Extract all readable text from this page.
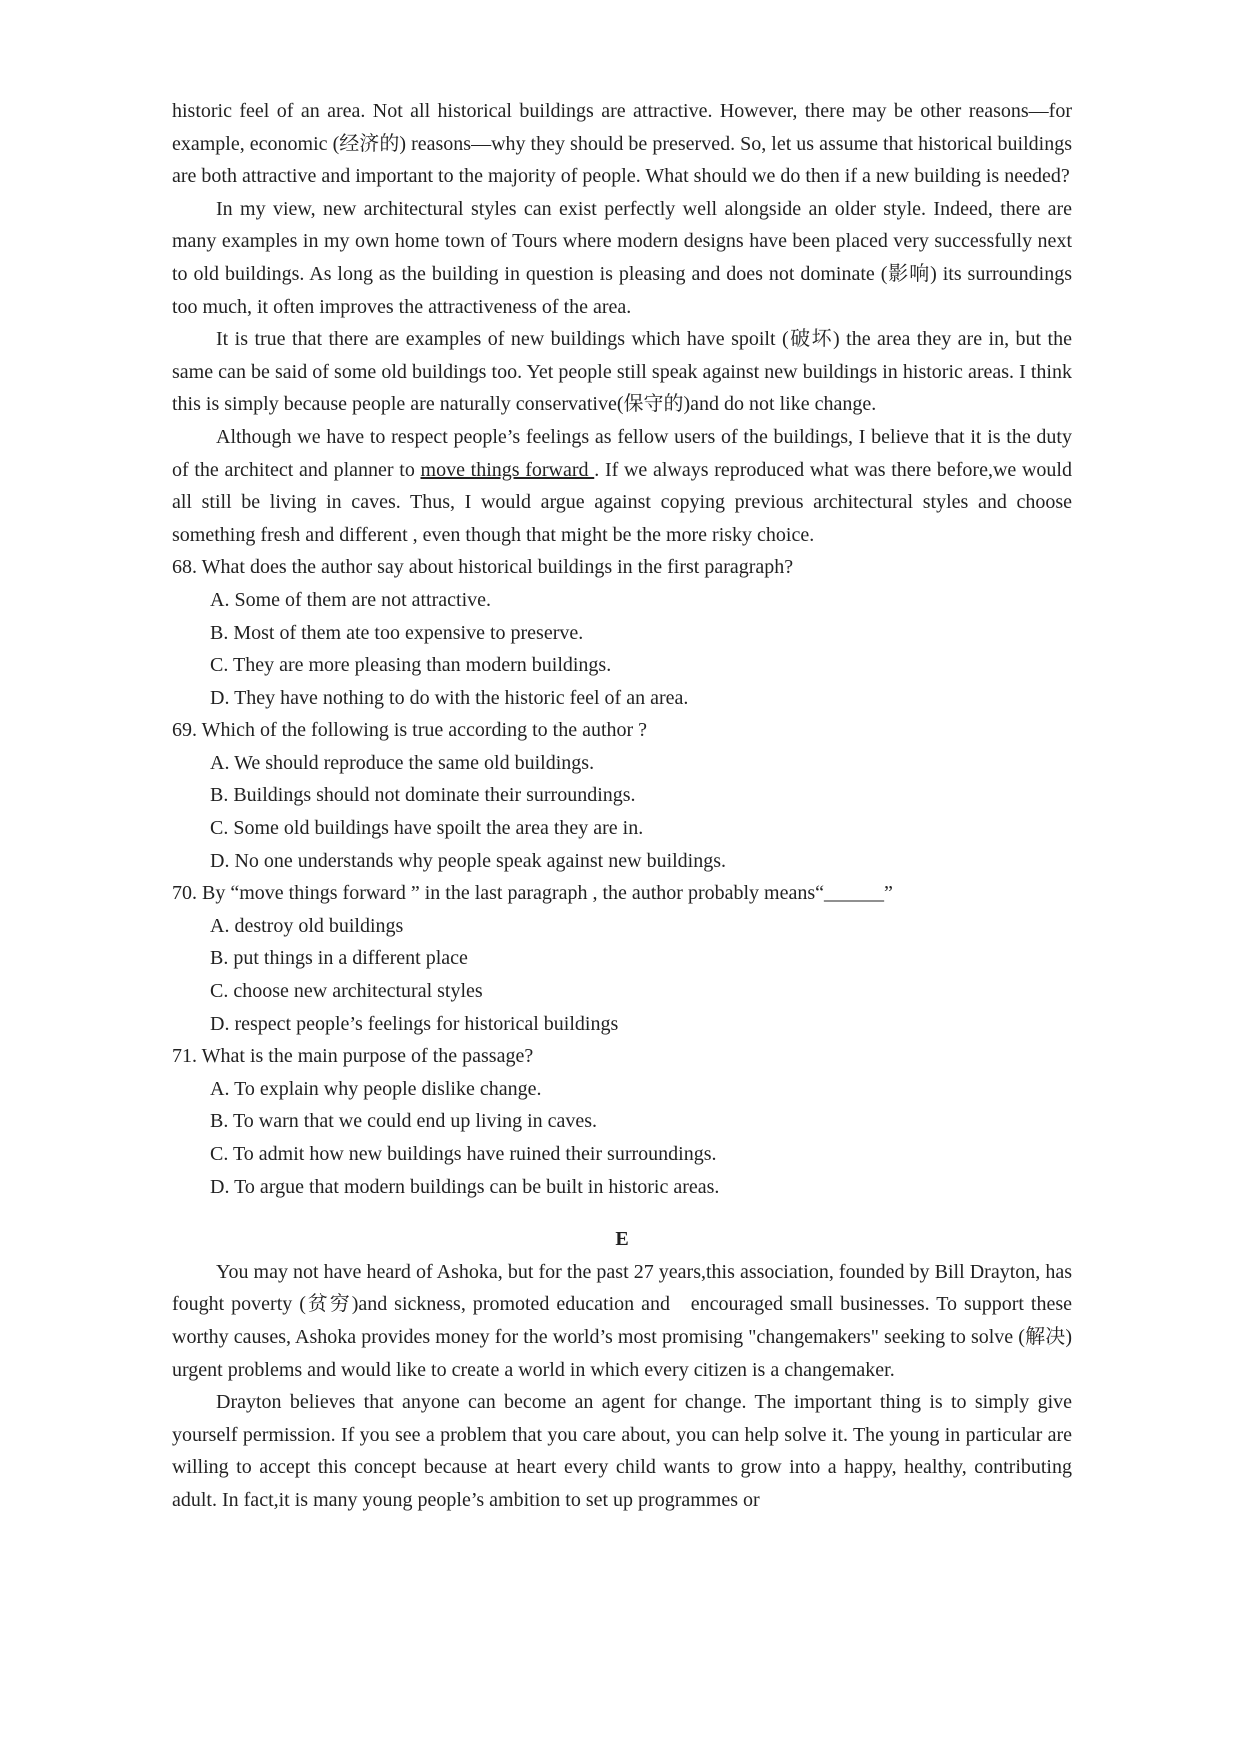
historic feel of an area. Not all historical buildings are attractive. However, there may be other reasons—for example, economic (经济的) reasons—why they should be preserved. So, let us assume that historical buildings are both attractive and important to the majority of people. What should we do then if a new building is needed?

In my view, new architectural styles can exist perfectly well alongside an older style. Indeed, there are many examples in my own home town of Tours where modern designs have been placed very successfully next to old buildings. As long as the building in question is pleasing and does not dominate (影响) its surroundings too much, it often improves the attractiveness of the area.

It is true that there are examples of new buildings which have spoilt (破坏) the area they are in, but the same can be said of some old buildings too. Yet people still speak against new buildings in historic areas. I think this is simply because people are naturally conservative(保守的)and do not like change.

Although we have to respect people’s feelings as fellow users of the buildings, I believe that it is the duty of the architect and planner to move things forward . If we always reproduced what was there before,we would all still be living in caves. Thus, I would argue against copying previous architectural styles and choose something fresh and different , even though that might be the more risky choice.

68. What does the author say about historical buildings in the first paragraph?

A. Some of them are not attractive.

B. Most of them ate too expensive to preserve.

C. They are more pleasing than modern buildings.

D. They have nothing to do with the historic feel of an area.

69. Which of the following is true according to the author ?

A. We should reproduce the same old buildings.

B. Buildings should not dominate their surroundings.

C. Some old buildings have spoilt the area they are in.

D. No one understands why people speak against new buildings.

70. By “move things forward ” in the last paragraph , the author probably means“______”

A. destroy old buildings

B. put things in a different place

C. choose new architectural styles

D. respect people’s feelings for historical buildings

71. What is the main purpose of the passage?

A. To explain why people dislike change.

B. To warn that we could end up living in caves.

C. To admit how new buildings have ruined their surroundings.

D. To argue that modern buildings can be built in historic areas.

E

You may not have heard of Ashoka, but for the past 27 years,this association, founded by Bill Drayton, has fought poverty (贫穷)and sickness, promoted education and   encouraged small businesses. To support these worthy causes, Ashoka provides money for the world’s most promising "changemakers" seeking to solve (解决) urgent problems and would like to create a world in which every citizen is a changemaker.

Drayton believes that anyone can become an agent for change. The important thing is to simply give yourself permission. If you see a problem that you care about, you can help solve it. The young in particular are willing to accept this concept because at heart every child wants to grow into a happy, healthy, contributing adult. In fact,it is many young people’s ambition to set up programmes or
